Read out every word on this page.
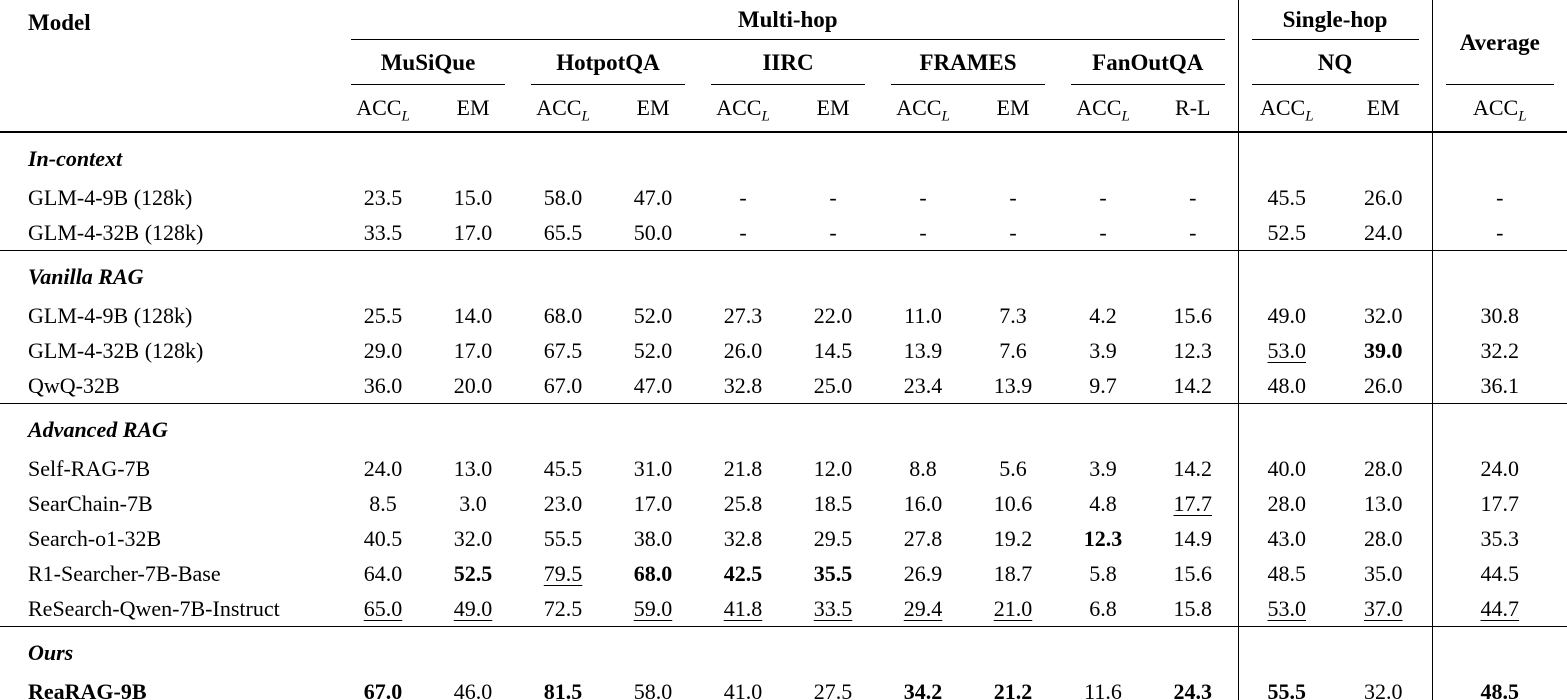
Model	Multi-hop										Single-hop		Average

	MuSiQue		HotpotQA		IIRC		FRAMES		FanOutQA		NQ		

	$ACC_L$	EM	$ACC_L$	EM	$ACC_L$	EM	$ACC_L$	EM	$ACC_L$	R-L	$ACC_L$	EM	$ACC_L$
In-context													
GLM-4-9B (128k)	23.5	15.0	58.0	47.0	-	-	-	-	-	-	45.5	26.0	-
GLM-4-32B (128k)	33.5	17.0	65.5	50.0	-	-	-	-	-	-	52.5	24.0	-
Vanilla RAG													
GLM-4-9B (128k)	25.5	14.0	68.0	52.0	27.3	22.0	11.0	7.3	4.2	15.6	49.0	32.0	30.8
GLM-4-32B (128k)	29.0	17.0	67.5	52.0	26.0	14.5	13.9	7.6	3.9	12.3	53.0	39.0	32.2
QwQ-32B	36.0	20.0	67.0	47.0	32.8	25.0	23.4	13.9	9.7	14.2	48.0	26.0	36.1
Advanced RAG													
Self-RAG-7B	24.0	13.0	45.5	31.0	21.8	12.0	8.8	5.6	3.9	14.2	40.0	28.0	24.0
SearChain-7B	8.5	3.0	23.0	17.0	25.8	18.5	16.0	10.6	4.8	17.7	28.0	13.0	17.7
Search-o1-32B	40.5	32.0	55.5	38.0	32.8	29.5	27.8	19.2	12.3	14.9	43.0	28.0	35.3
R1-Searcher-7B-Base	64.0	52.5	79.5	68.0	42.5	35.5	26.9	18.7	5.8	15.6	48.5	35.0	44.5
ReSearch-Qwen-7B-Instruct	65.0	49.0	72.5	59.0	41.8	33.5	29.4	21.0	6.8	15.8	53.0	37.0	44.7
Ours													
ReaRAG-9B	67.0	46.0	81.5	58.0	41.0	27.5	34.2	21.2	11.6	24.3	55.5	32.0	48.5
